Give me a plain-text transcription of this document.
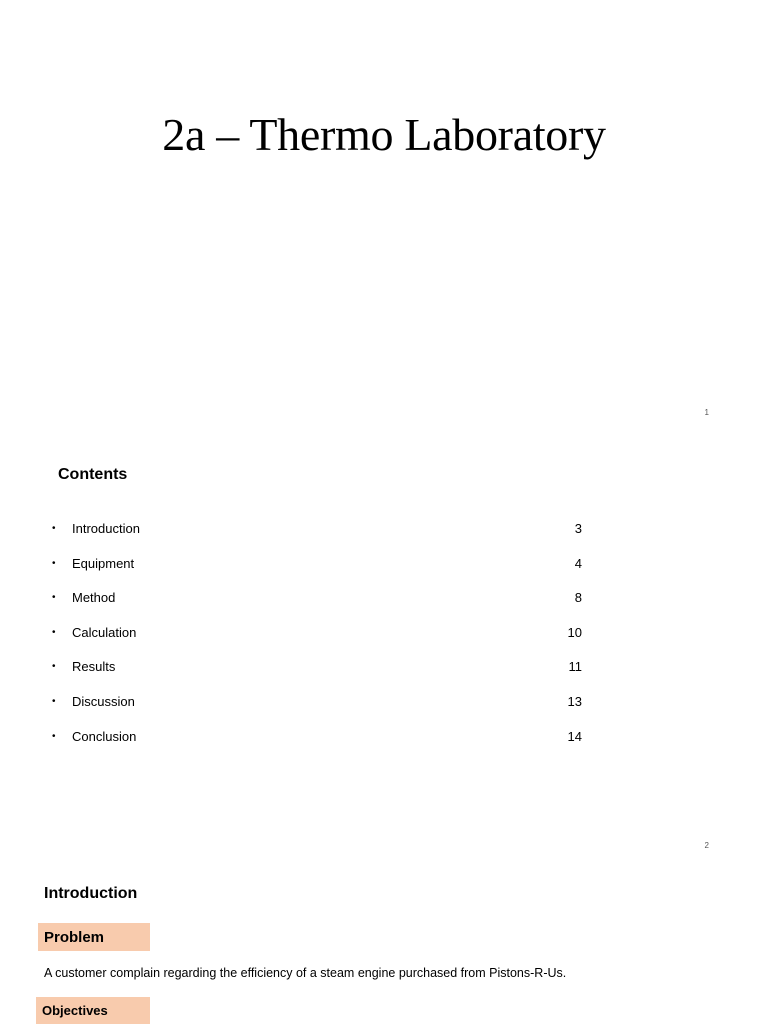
2a – Thermo Laboratory
1
Contents
• Introduction	3
• Equipment	4
• Method	8
• Calculation	10
• Results	11
• Discussion	13
• Conclusion	14
2
Introduction
Problem
A customer complain regarding the efficiency of a steam engine purchased from Pistons-R-Us.
Objectives
